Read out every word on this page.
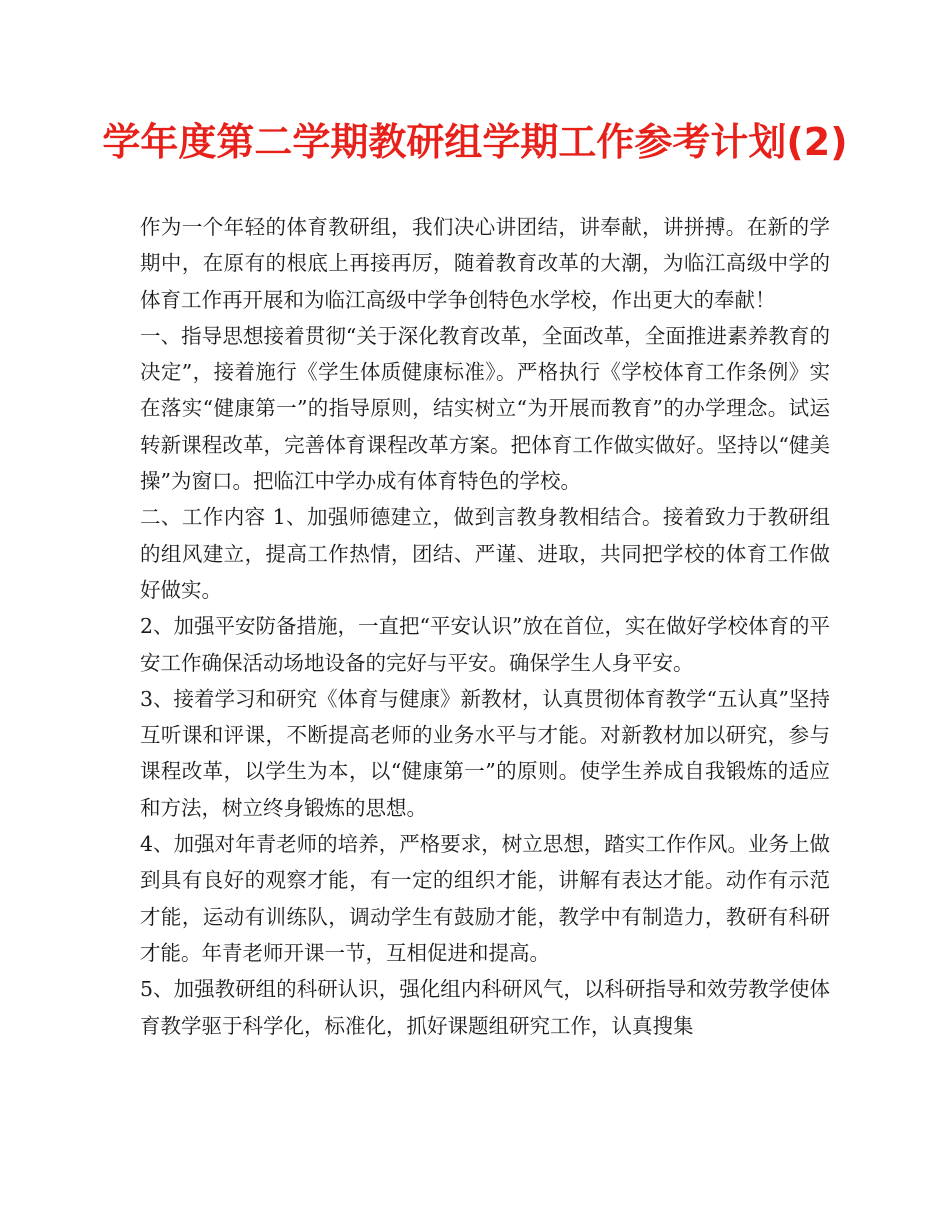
学年度第二学期教研组学期工作参考计划(2)

作为一个年轻的体育教研组，我们决心讲团结，讲奉献，讲拼搏。在新的学期中，在原有的根底上再接再厉，随着教育改革的大潮，为临江高级中学的体育工作再开展和为临江高级中学争创特色水学校，作出更大的奉献！

一、指导思想接着贯彻“关于深化教育改革，全面改革，全面推进素养教育的决定”，接着施行《学生体质健康标准》。严格执行《学校体育工作条例》实在落实“健康第一”的指导原则，结实树立“为开展而教育”的办学理念。试运转新课程改革，完善体育课程改革方案。把体育工作做实做好。坚持以“健美操”为窗口。把临江中学办成有体育特色的学校。

二、工作内容 1、加强师德建立，做到言教身教相结合。接着致力于教研组的组风建立，提高工作热情，团结、严谨、进取，共同把学校的体育工作做好做实。

2、加强平安防备措施，一直把“平安认识”放在首位，实在做好学校体育的平安工作确保活动场地设备的完好与平安。确保学生人身平安。

3、接着学习和研究《体育与健康》新教材，认真贯彻体育教学“五认真”坚持互听课和评课，不断提高老师的业务水平与才能。对新教材加以研究，参与课程改革，以学生为本，以“健康第一”的原则。使学生养成自我锻炼的适应和方法，树立终身锻炼的思想。

4、加强对年青老师的培养，严格要求，树立思想，踏实工作作风。业务上做到具有良好的观察才能，有一定的组织才能，讲解有表达才能。动作有示范才能，运动有训练队，调动学生有鼓励才能，教学中有制造力，教研有科研才能。年青老师开课一节，互相促进和提高。

5、加强教研组的科研认识，强化组内科研风气，以科研指导和效劳教学使体育教学驱于科学化，标准化，抓好课题组研究工作，认真搜集
